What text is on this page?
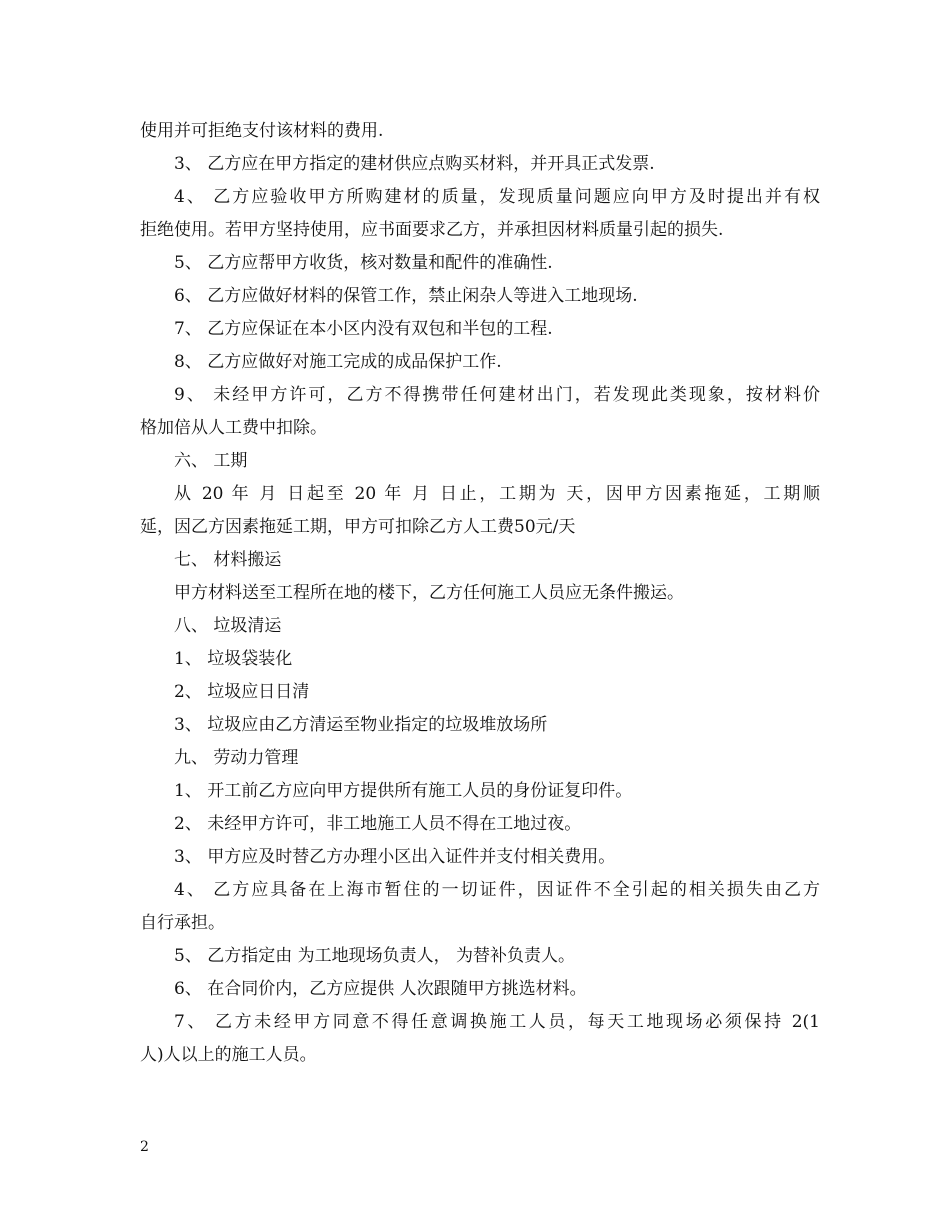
使用并可拒绝支付该材料的费用.
3、 乙方应在甲方指定的建材供应点购买材料，并开具正式发票.
4、 乙方应验收甲方所购建材的质量，发现质量问题应向甲方及时提出并有权
拒绝使用。若甲方坚持使用，应书面要求乙方，并承担因材料质量引起的损失.
5、 乙方应帮甲方收货，核对数量和配件的准确性.
6、 乙方应做好材料的保管工作，禁止闲杂人等进入工地现场.
7、 乙方应保证在本小区内没有双包和半包的工程.
8、 乙方应做好对施工完成的成品保护工作.
9、 未经甲方许可，乙方不得携带任何建材出门，若发现此类现象，按材料价
格加倍从人工费中扣除。
六、 工期
从 20 年 月 日起至 20 年 月 日止，工期为 天，因甲方因素拖延，工期顺
延，因乙方因素拖延工期，甲方可扣除乙方人工费50元/天
七、 材料搬运
甲方材料送至工程所在地的楼下，乙方任何施工人员应无条件搬运。
八、 垃圾清运
1、 垃圾袋装化
2、 垃圾应日日清
3、 垃圾应由乙方清运至物业指定的垃圾堆放场所
九、 劳动力管理
1、 开工前乙方应向甲方提供所有施工人员的身份证复印件。
2、 未经甲方许可，非工地施工人员不得在工地过夜。
3、 甲方应及时替乙方办理小区出入证件并支付相关费用。
4、 乙方应具备在上海市暂住的一切证件，因证件不全引起的相关损失由乙方
自行承担。
5、 乙方指定由 为工地现场负责人， 为替补负责人。
6、 在合同价内，乙方应提供 人次跟随甲方挑选材料。
7、 乙方未经甲方同意不得任意调换施工人员，每天工地现场必须保持 2(1
人)人以上的施工人员。
2
